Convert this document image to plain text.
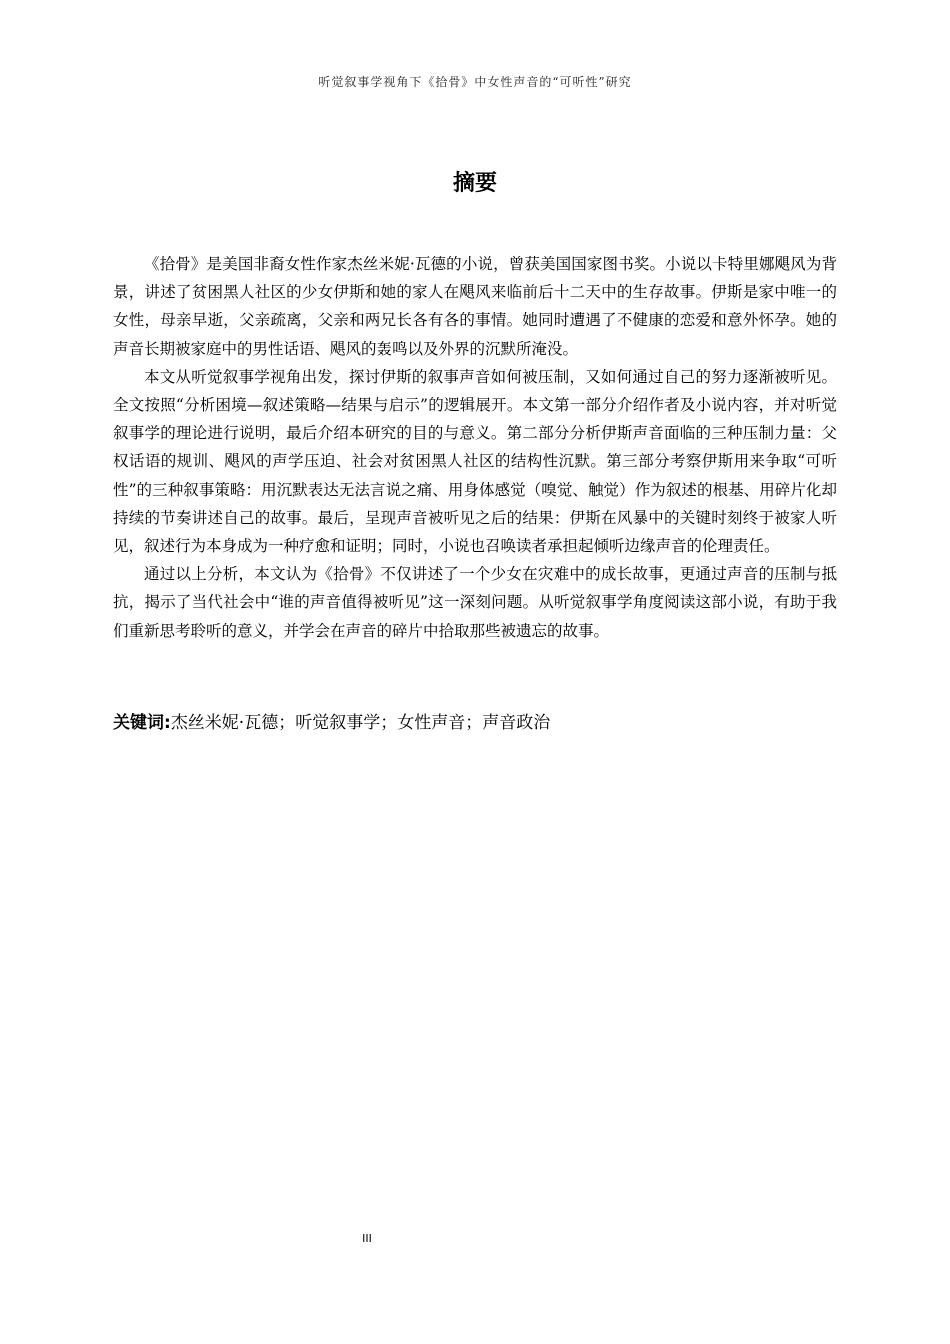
听觉叙事学视角下《拾骨》中女性声音的“可听性”研究
摘要

《拾骨》是美国非裔女性作家杰丝米妮·瓦德的小说，曾获美国国家图书奖。小说以卡特里娜飓风为背景，讲述了贫困黑人社区的少女伊斯和她的家人在飓风来临前后十二天中的生存故事。伊斯是家中唯一的女性，母亲早逝，父亲疏离，父亲和两兄长各有各的事情。她同时遭遇了不健康的恋爱和意外怀孕。她的声音长期被家庭中的男性话语、飓风的轰鸣以及外界的沉默所淹没。

本文从听觉叙事学视角出发，探讨伊斯的叙事声音如何被压制，又如何通过自己的努力逐渐被听见。全文按照“分析困境—叙述策略—结果与启示”的逻辑展开。本文第一部分介绍作者及小说内容，并对听觉叙事学的理论进行说明，最后介绍本研究的目的与意义。第二部分分析伊斯声音面临的三种压制力量：父权话语的规训、飓风的声学压迫、社会对贫困黑人社区的结构性沉默。第三部分考察伊斯用来争取“可听性”的三种叙事策略：用沉默表达无法言说之痛、用身体感觉（嗅觉、触觉）作为叙述的根基、用碎片化却持续的节奏讲述自己的故事。最后，呈现声音被听见之后的结果：伊斯在风暴中的关键时刻终于被家人听见，叙述行为本身成为一种疗愈和证明；同时，小说也召唤读者承担起倾听边缘声音的伦理责任。

通过以上分析，本文认为《拾骨》不仅讲述了一个少女在灾难中的成长故事，更通过声音的压制与抵抗，揭示了当代社会中“谁的声音值得被听见”这一深刻问题。从听觉叙事学角度阅读这部小说，有助于我们重新思考聆听的意义，并学会在声音的碎片中拾取那些被遗忘的故事。

关键词:杰丝米妮·瓦德；听觉叙事学；女性声音；声音政治
III
